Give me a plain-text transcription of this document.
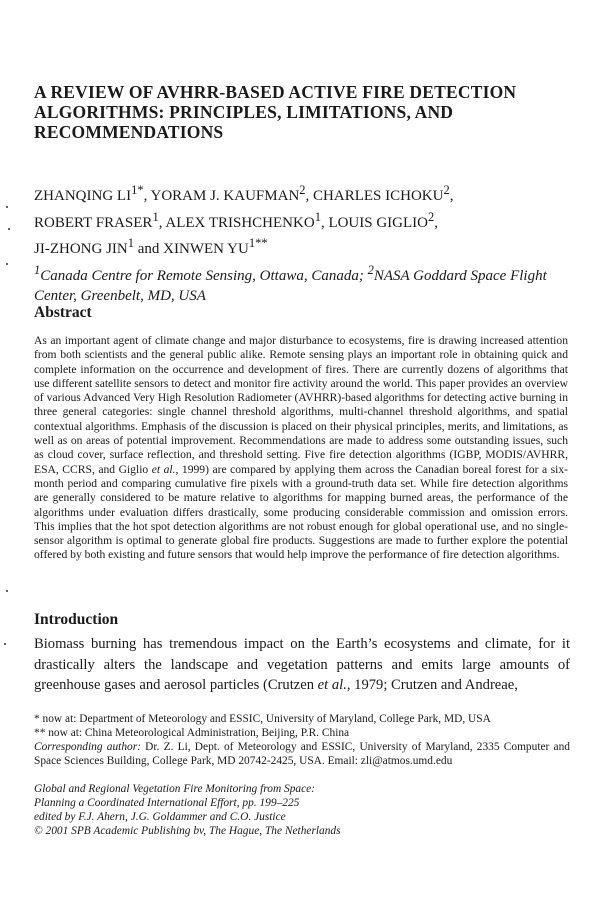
A REVIEW OF AVHRR-BASED ACTIVE FIRE DETECTION ALGORITHMS: PRINCIPLES, LIMITATIONS, AND RECOMMENDATIONS
ZHANQING $LI^{1*}$, YORAM J. KAUFMAN$^2$, CHARLES ICHOKU$^2$,
ROBERT FRASER$^1$, ALEX TRISHCHENKO$^1$, LOUIS GIGLIO$^2$,
JI-ZHONG JIN$^1$ and XINWEN $YU^{1**}$
$^1$Canada Centre for Remote Sensing, Ottawa, Canada; $^2$NASA Goddard Space Flight Center, Greenbelt, MD, USA
Abstract

As an important agent of climate change and major disturbance to ecosystems, fire is drawing increased attention from both scientists and the general public alike. Remote sensing plays an important role in obtaining quick and complete information on the occurrence and development of fires. There are currently dozens of algorithms that use different satellite sensors to detect and monitor fire activity around the world. This paper provides an overview of various Advanced Very High Resolution Radiometer (AVHRR)-based algorithms for detecting active burning in three general categories: single channel threshold algorithms, multi-channel threshold algorithms, and spatial contextual algorithms. Emphasis of the discussion is placed on their physical principles, merits, and limitations, as well as on areas of potential improvement. Recommendations are made to address some outstanding issues, such as cloud cover, surface reflection, and threshold setting. Five fire detection algorithms (IGBP, MODIS/AVHRR, ESA, CCRS, and Giglio et al., 1999) are compared by applying them across the Canadian boreal forest for a six-month period and comparing cumulative fire pixels with a ground-truth data set. While fire detection algorithms are generally considered to be mature relative to algorithms for mapping burned areas, the performance of the algorithms under evaluation differs drastically, some producing considerable commission and omission errors. This implies that the hot spot detection algorithms are not robust enough for global operational use, and no single-sensor algorithm is optimal to generate global fire products. Suggestions are made to further explore the potential offered by both existing and future sensors that would help improve the performance of fire detection algorithms.

Introduction

Biomass burning has tremendous impact on the Earth’s ecosystems and climate, for it drastically alters the landscape and vegetation patterns and emits large amounts of greenhouse gases and aerosol particles (Crutzen et al., 1979; Crutzen and Andreae,

* now at: Department of Meteorology and ESSIC, University of Maryland, College Park, MD, USA

** now at: China Meteorological Administration, Beijing, P.R. China

Corresponding author: Dr. Z. Li, Dept. of Meteorology and ESSIC, University of Maryland, 2335 Computer and Space Sciences Building, College Park, MD 20742-2425, USA. Email: zli@atmos.umd.edu

Global and Regional Vegetation Fire Monitoring from Space:

Planning a Coordinated International Effort, pp. 199–225

edited by F.J. Ahern, J.G. Goldammer and C.O. Justice

© 2001 SPB Academic Publishing bv, The Hague, The Netherlands
